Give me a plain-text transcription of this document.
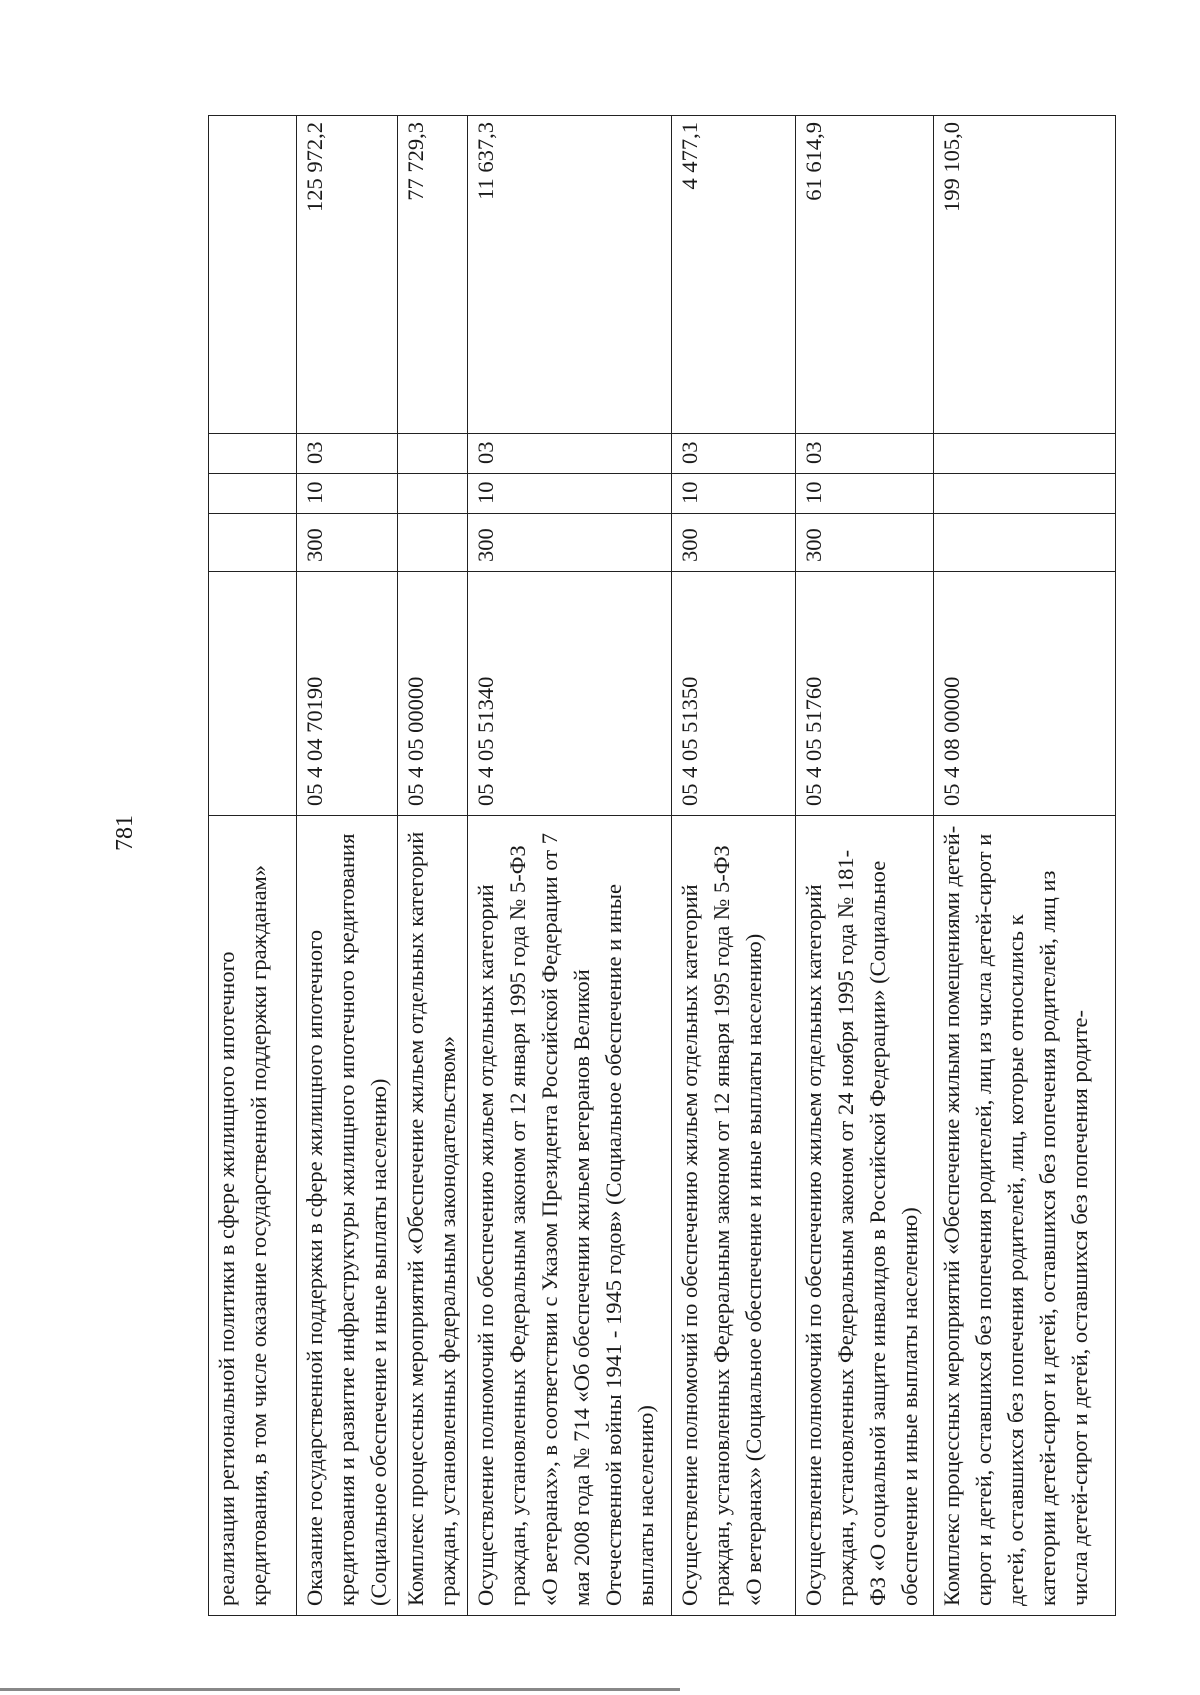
781
реализации региональной политики в сфере жилищного ипотечного кредитования, в том числе оказание государственной поддержки гражданам»					
Оказание государственной поддержки в сфере жилищного ипотечного кредитования и развитие инфраструктуры жилищного ипотечного кредитования (Социальное обеспечение и иные выплаты населению)	05 4 04 70190	300	10	03	125 972,2
Комплекс процессных мероприятий «Обеспечение жильем отдельных категорий граждан, установленных федеральным законодательством»	05 4 05 00000				77 729,3
Осуществление полномочий по обеспечению жильем отдельных категорий граждан, установленных Федеральным законом от 12 января 1995 года № 5-ФЗ «О ветеранах», в соответствии с Указом Президента Российской Федерации от 7 мая 2008 года № 714 «Об обеспечении жильем ветеранов Великой Отечественной войны 1941 - 1945 годов» (Социальное обеспечение и иные выплаты населению)	05 4 05 51340	300	10	03	11 637,3
Осуществление полномочий по обеспечению жильем отдельных категорий граждан, установленных Федеральным законом от 12 января 1995 года № 5-ФЗ «О ветеранах» (Социальное обеспечение и иные выплаты населению)	05 4 05 51350	300	10	03	4 477,1
Осуществление полномочий по обеспечению жильем отдельных категорий граждан, установленных Федеральным законом от 24 ноября 1995 года № 181-ФЗ «О социальной защите инвалидов в Российской Федерации» (Социальное обеспечение и иные выплаты населению)	05 4 05 51760	300	10	03	61 614,9
Комплекс процессных мероприятий «Обеспечение жилыми помещениями детей-сирот и детей, оставшихся без попечения родителей, лиц из числа детей-сирот и детей, оставшихся без попечения родителей, лиц, которые относились к категории детей-сирот и детей, оставшихся без попечения родителей, лиц из числа детей-сирот и детей, оставшихся без попечения родите-	05 4 08 00000				199 105,0
